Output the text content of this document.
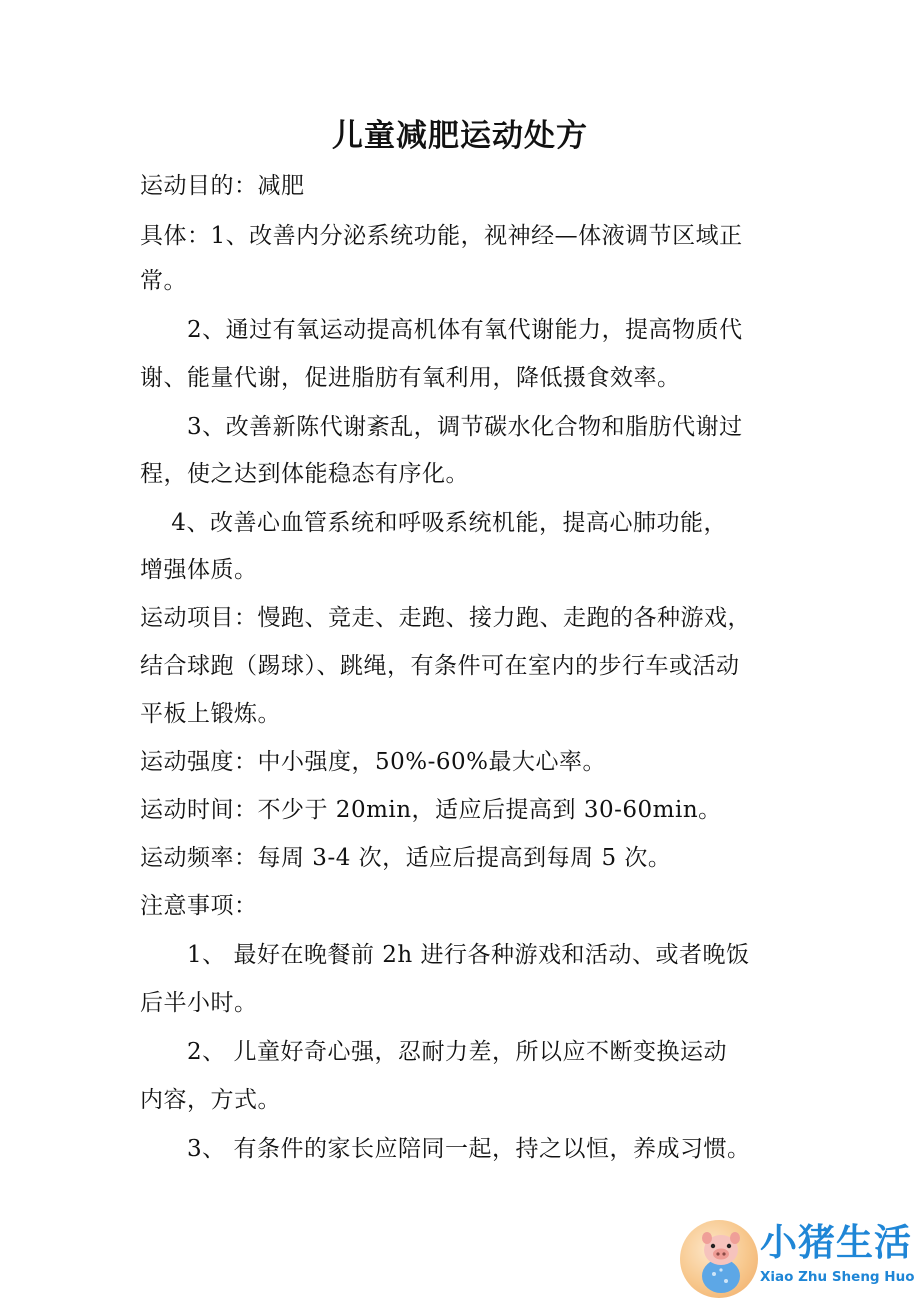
儿童减肥运动处方
运动目的：减肥
具体：1、改善内分泌系统功能，视神经—体液调节区域正
常。
　　2、通过有氧运动提高机体有氧代谢能力，提高物质代
谢、能量代谢，促进脂肪有氧利用，降低摄食效率。
　　3、改善新陈代谢紊乱，调节碳水化合物和脂肪代谢过
程，使之达到体能稳态有序化。
　 4、改善心血管系统和呼吸系统机能，提高心肺功能，
增强体质。
运动项目：慢跑、竞走、走跑、接力跑、走跑的各种游戏，
结合球跑（踢球）、跳绳，有条件可在室内的步行车或活动
平板上锻炼。
运动强度：中小强度，50%-60%最大心率。
运动时间：不少于 20min，适应后提高到 30-60min。
运动频率：每周 3-4 次，适应后提高到每周 5 次。
注意事项：
　　1、 最好在晚餐前 2h 进行各种游戏和活动、或者晚饭
后半小时。
　　2、 儿童好奇心强，忍耐力差，所以应不断变换运动
内容，方式。
　　3、 有条件的家长应陪同一起，持之以恒，养成习惯。
小猪生活
Xiao Zhu Sheng Huo
